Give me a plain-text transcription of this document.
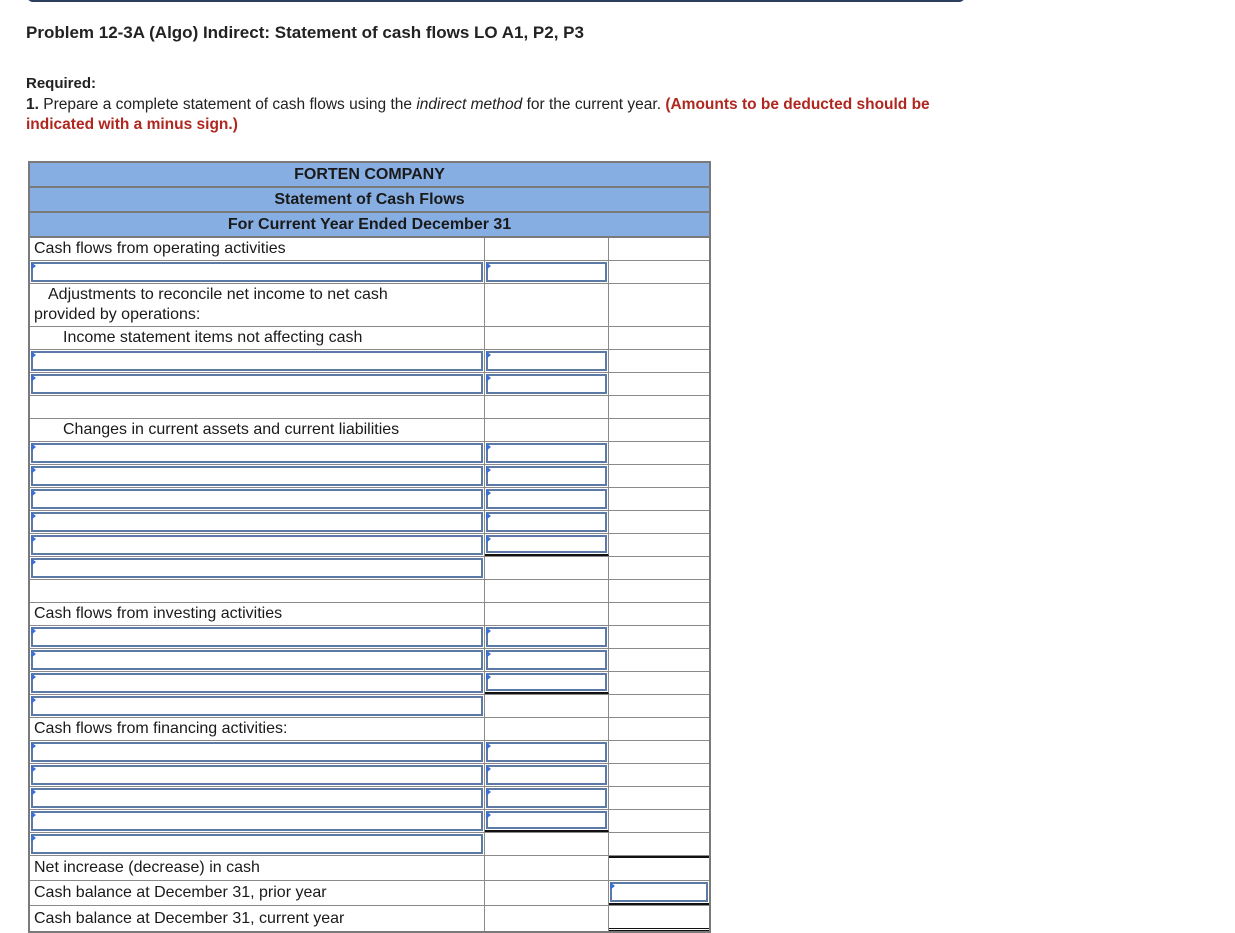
Problem 12-3A (Algo) Indirect: Statement of cash flows LO A1, P2, P3
Required:
1. Prepare a complete statement of cash flows using the indirect method for the current year. (Amounts to be deducted should be indicated with a minus sign.)
FORTEN COMPANY
Statement of Cash Flows
For Current Year Ended December 31
Cash flows from operating activities
Adjustments to reconcile net income to net cash
provided by operations:
Income statement items not affecting cash
Changes in current assets and current liabilities
Cash flows from investing activities
Cash flows from financing activities:
Net increase (decrease) in cash
Cash balance at December 31, prior year
Cash balance at December 31, current year
